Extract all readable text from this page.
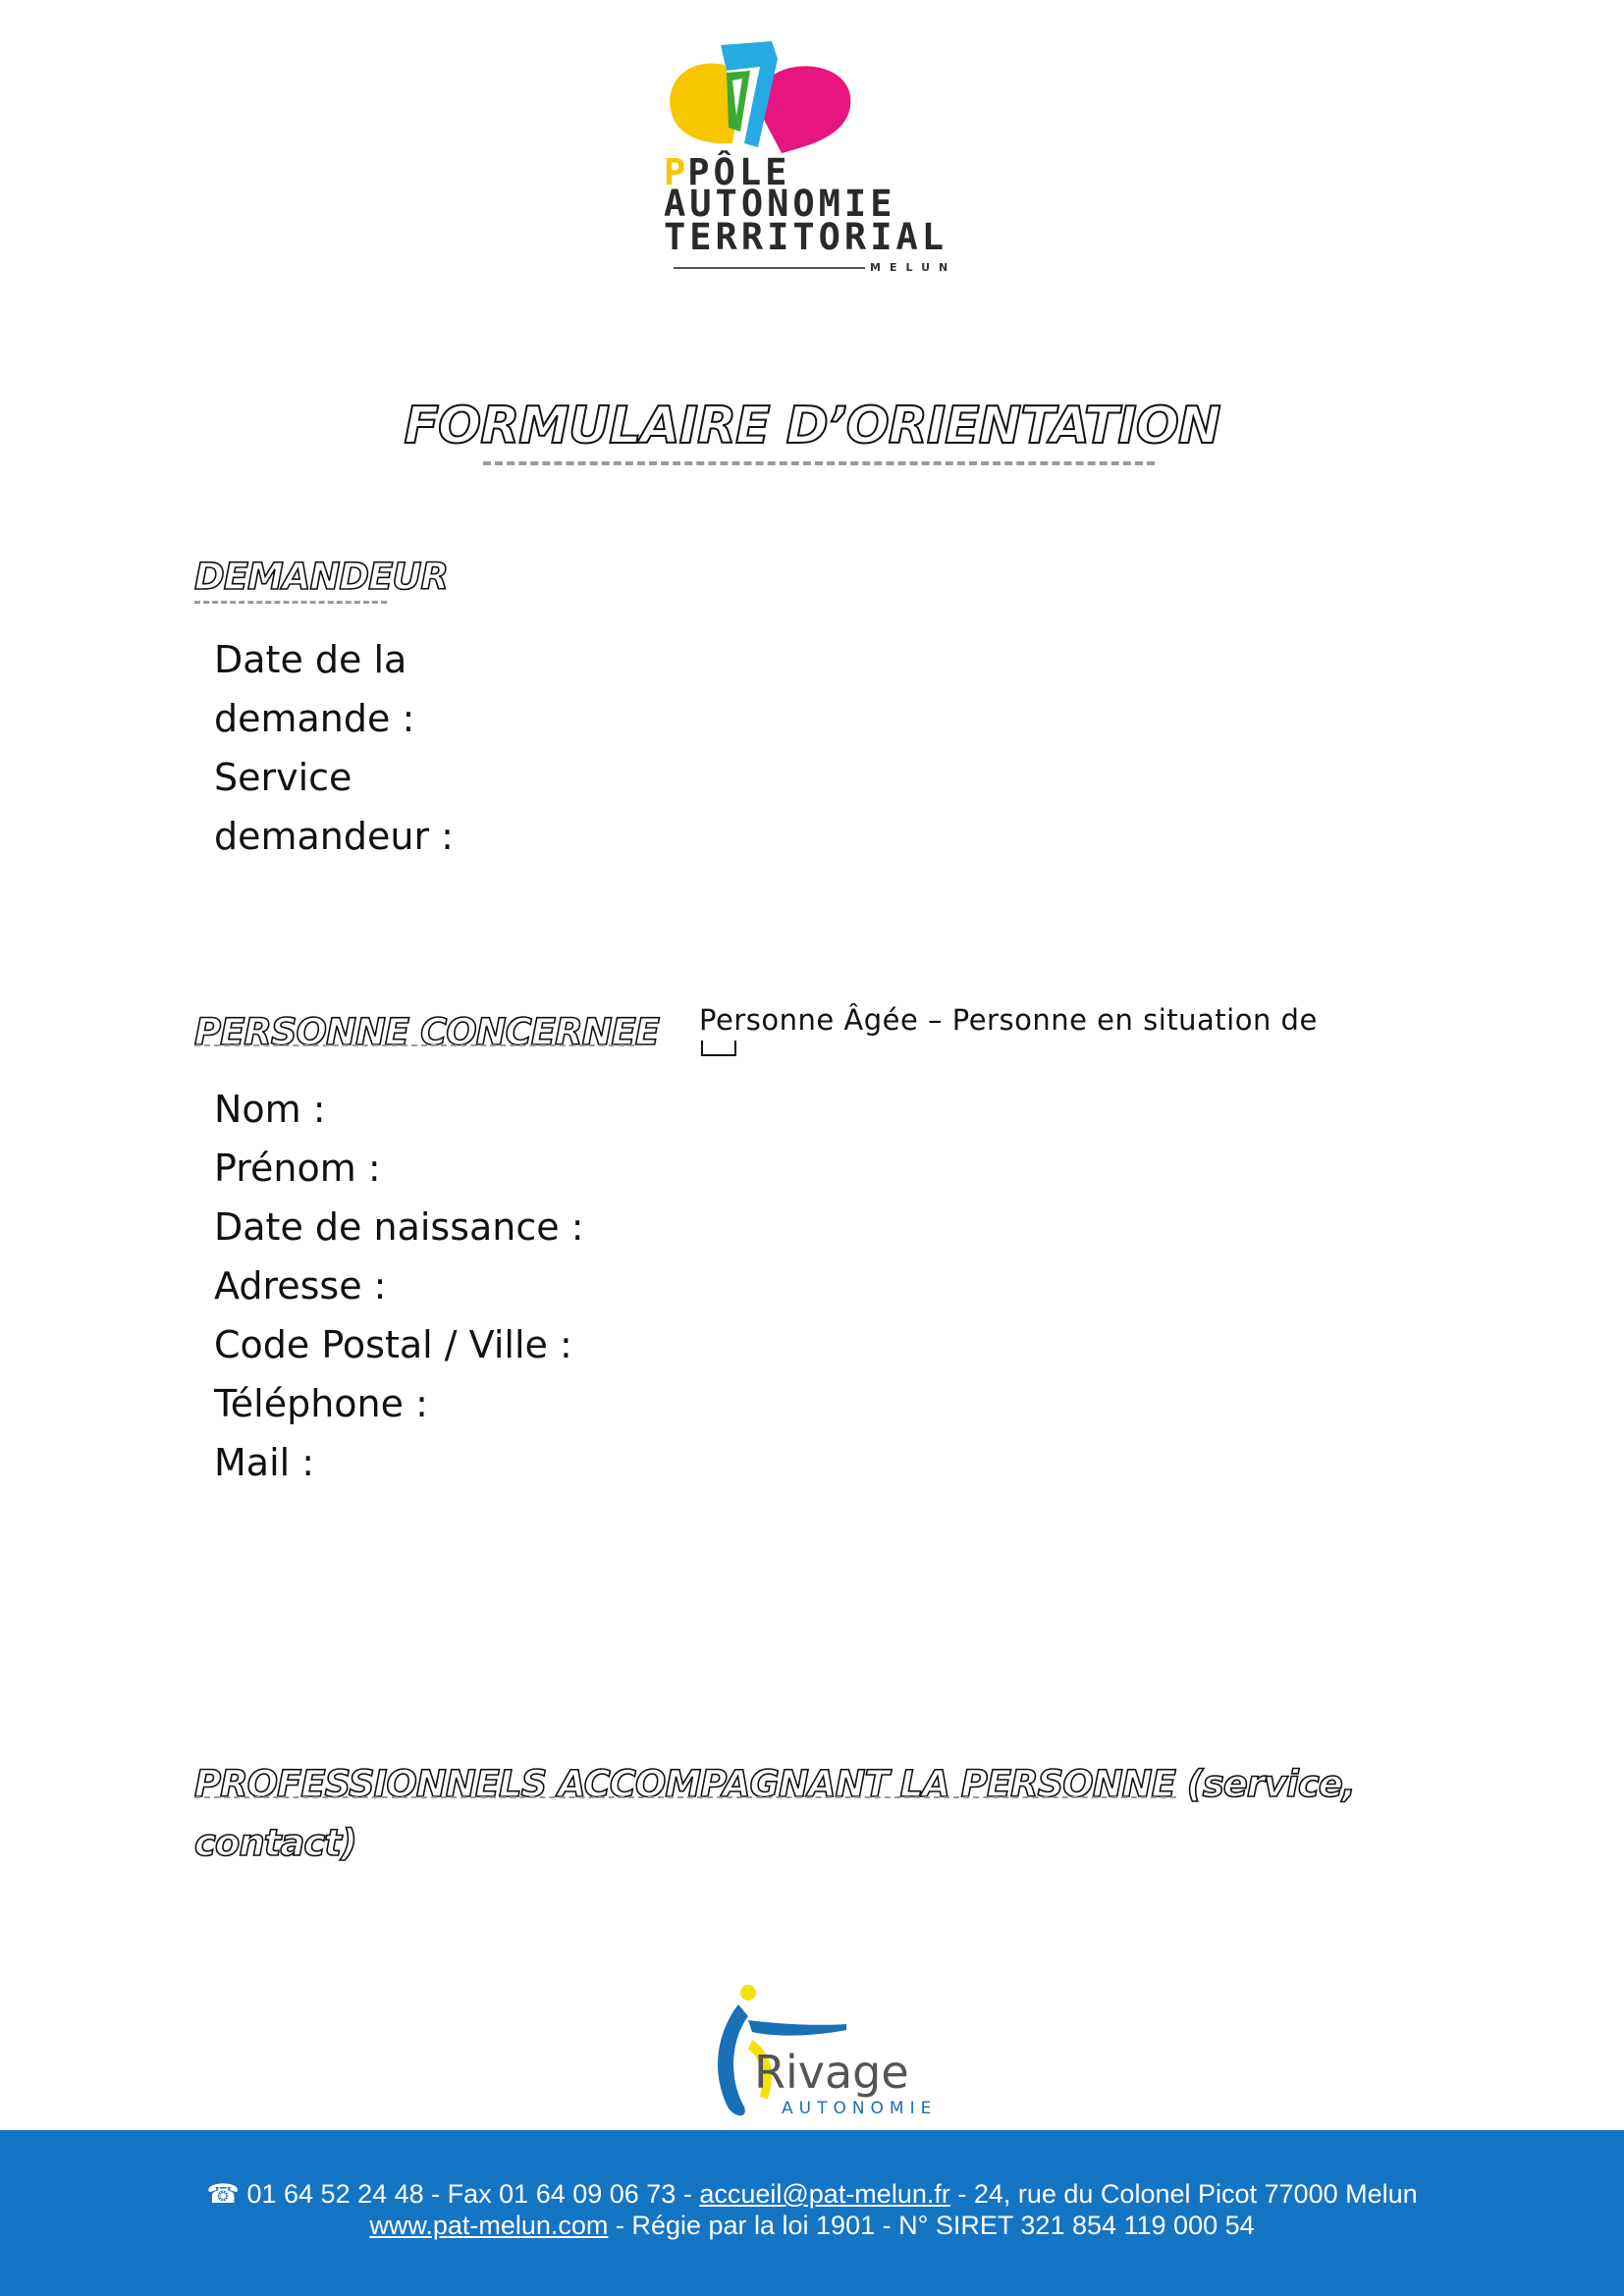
PPÔLE
AUTONOMIE
TERRITORIAL
MELUN
FORMULAIRE D’ORIENTATION
DEMANDEUR
Date de la
demande :
Service
demandeur :
PERSONNE CONCERNEE Personne Âgée – Personne en situation de
Nom :
Prénom :
Date de naissance :
Adresse :
Code Postal / Ville :
Téléphone :
Mail :
PROFESSIONNELS ACCOMPAGNANT LA PERSONNE (service,
contact)
Rivage
AUTONOMIE
☎ 01 64 52 24 48 - Fax 01 64 09 06 73 - accueil@pat-melun.fr - 24, rue du Colonel Picot 77000 Melun
www.pat-melun.com - Régie par la loi 1901 - N° SIRET 321 854 119 000 54
